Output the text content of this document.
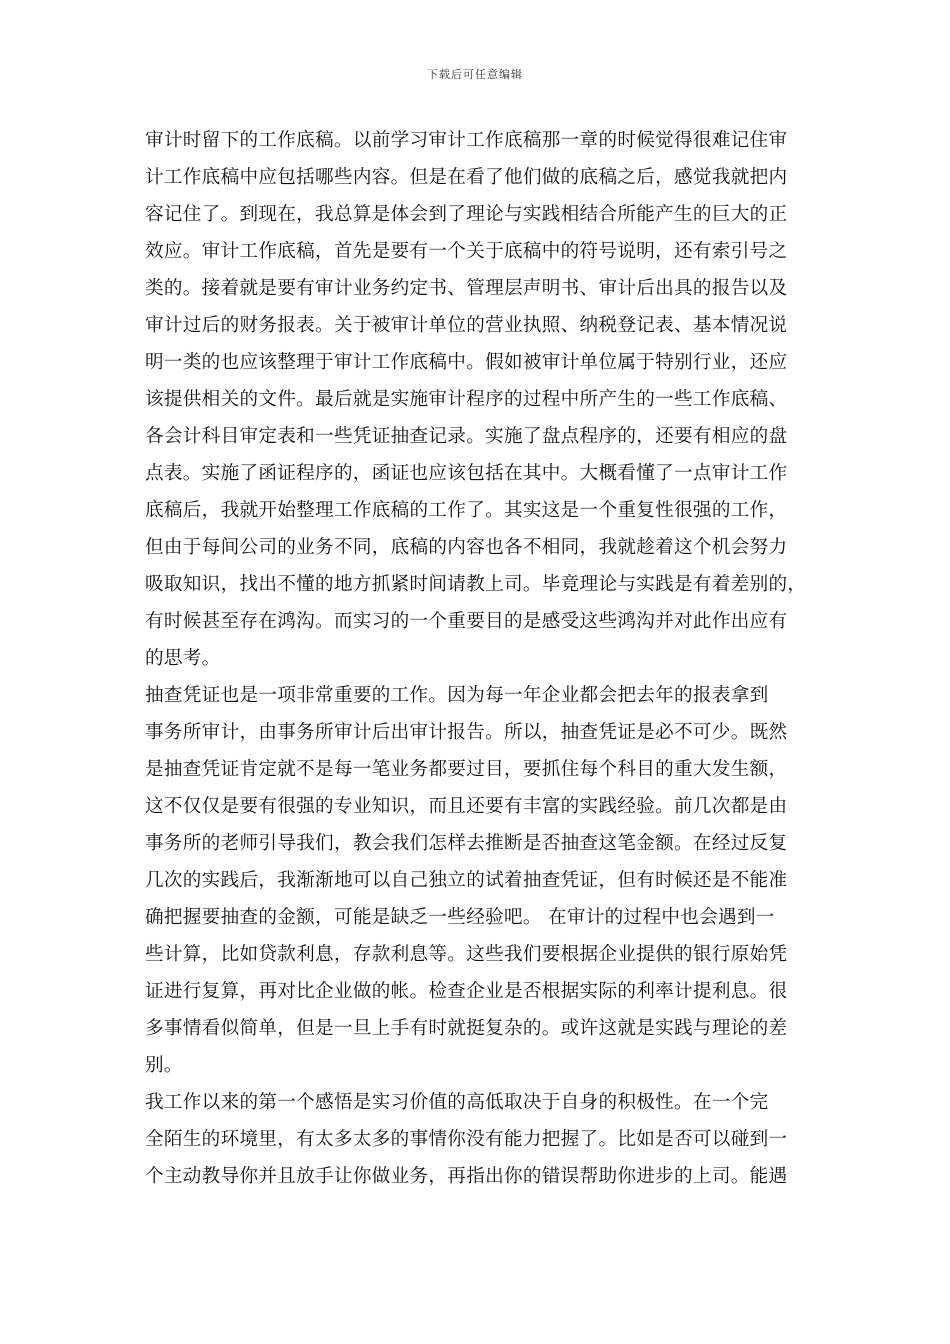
下载后可任意编辑
审计时留下的工作底稿。以前学习审计工作底稿那一章的时候觉得很难记住审
计工作底稿中应包括哪些内容。但是在看了他们做的底稿之后，感觉我就把内
容记住了。到现在，我总算是体会到了理论与实践相结合所能产生的巨大的正
效应。审计工作底稿，首先是要有一个关于底稿中的符号说明，还有索引号之
类的。接着就是要有审计业务约定书、管理层声明书、审计后出具的报告以及
审计过后的财务报表。关于被审计单位的营业执照、纳税登记表、基本情况说
明一类的也应该整理于审计工作底稿中。假如被审计单位属于特别行业，还应
该提供相关的文件。最后就是实施审计程序的过程中所产生的一些工作底稿、
各会计科目审定表和一些凭证抽查记录。实施了盘点程序的，还要有相应的盘
点表。实施了函证程序的，函证也应该包括在其中。大概看懂了一点审计工作
底稿后，我就开始整理工作底稿的工作了。其实这是一个重复性很强的工作，
但由于每间公司的业务不同，底稿的内容也各不相同，我就趁着这个机会努力
吸取知识，找出不懂的地方抓紧时间请教上司。毕竟理论与实践是有着差别的，
有时候甚至存在鸿沟。而实习的一个重要目的是感受这些鸿沟并对此作出应有
的思考。
抽查凭证也是一项非常重要的工作。因为每一年企业都会把去年的报表拿到
事务所审计，由事务所审计后出审计报告。所以，抽查凭证是必不可少。既然
是抽查凭证肯定就不是每一笔业务都要过目，要抓住每个科目的重大发生额，
这不仅仅是要有很强的专业知识，而且还要有丰富的实践经验。前几次都是由
事务所的老师引导我们，教会我们怎样去推断是否抽查这笔金额。在经过反复
几次的实践后，我渐渐地可以自己独立的试着抽查凭证，但有时候还是不能准
确把握要抽查的金额，可能是缺乏一些经验吧。 在审计的过程中也会遇到一
些计算，比如贷款利息，存款利息等。这些我们要根据企业提供的银行原始凭
证进行复算，再对比企业做的帐。检查企业是否根据实际的利率计提利息。很
多事情看似简单，但是一旦上手有时就挺复杂的。或许这就是实践与理论的差
别。
我工作以来的第一个感悟是实习价值的高低取决于自身的积极性。在一个完
全陌生的环境里，有太多太多的事情你没有能力把握了。比如是否可以碰到一
个主动教导你并且放手让你做业务，再指出你的错误帮助你进步的上司。能遇
